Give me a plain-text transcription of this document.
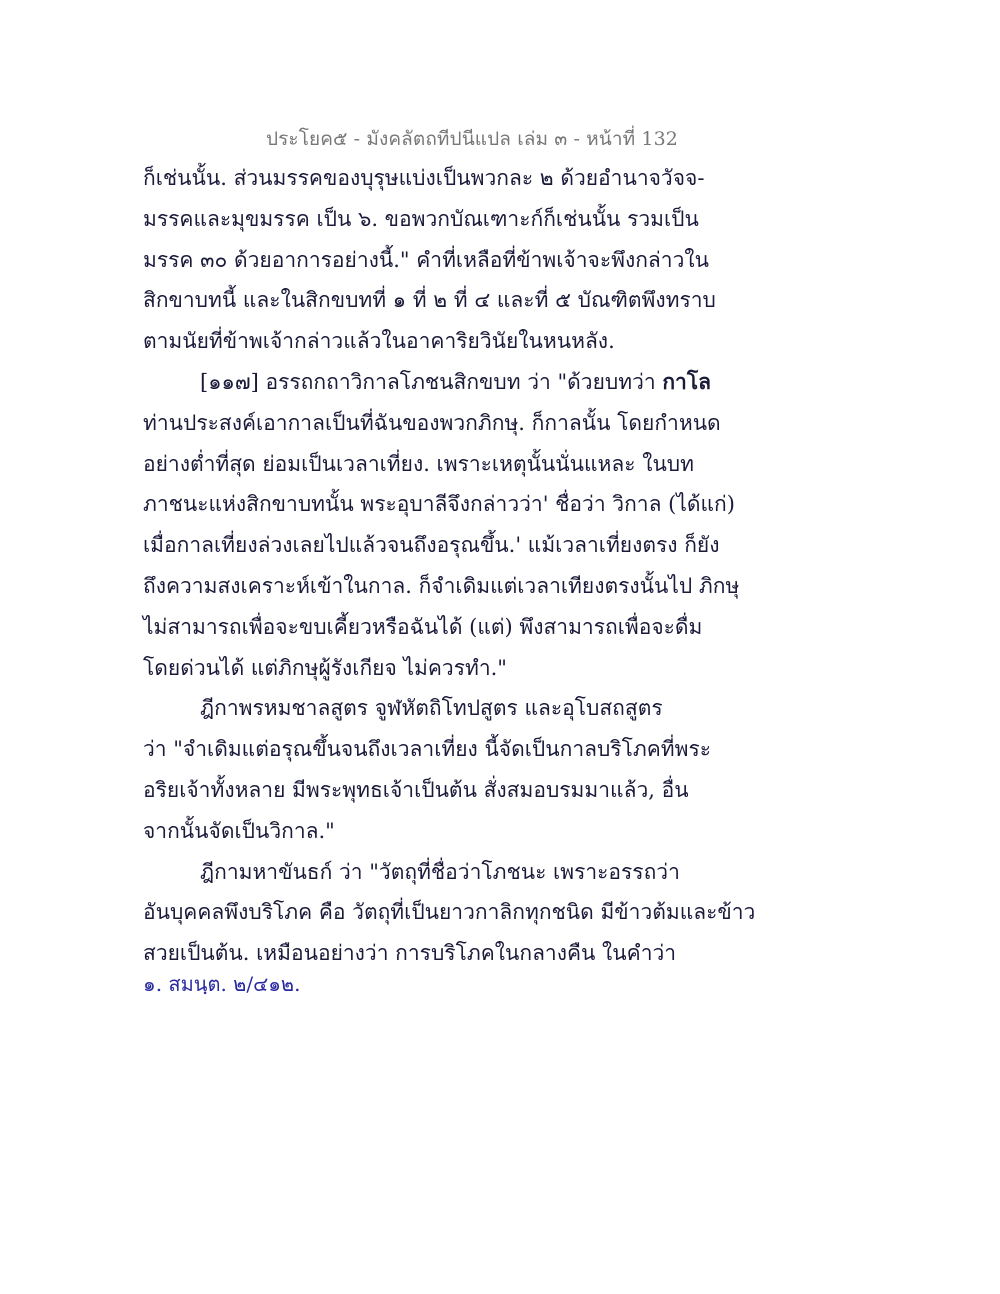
ประโยค๕ - มังคลัตถทีปนีแปล เล่ม ๓ - หน้าที่ 132
ก็เช่นนั้น. ส่วนมรรคของบุรุษแบ่งเป็นพวกละ ๒ ด้วยอำนาจวัจจ-
มรรคและมุขมรรค เป็น ๖. ขอพวกบัณเฑาะก์ก็เช่นนั้น รวมเป็น
มรรค ๓๐ ด้วยอาการอย่างนี้." คำที่เหลือที่ข้าพเจ้าจะพึงกล่าวใน
สิกขาบทนี้ และในสิกขบทที่ ๑ ที่ ๒ ที่ ๔ และที่ ๕ บัณฑิตพึงทราบ
ตามนัยที่ข้าพเจ้ากล่าวแล้วในอาคาริยวินัยในหนหลัง.
[๑๑๗] อรรถกถาวิกาลโภชนสิกขบท ว่า "ด้วยบทว่า กาโล
ท่านประสงค์เอากาลเป็นที่ฉันของพวกภิกษุ. ก็กาลนั้น โดยกำหนด
อย่างต่ำที่สุด ย่อมเป็นเวลาเที่ยง. เพราะเหตุนั้นนั่นแหละ ในบท
ภาชนะแห่งสิกขาบทนั้น พระอุบาลีจึงกล่าวว่า' ชื่อว่า วิกาล (ได้แก่)
เมื่อกาลเที่ยงล่วงเลยไปแล้วจนถึงอรุณขึ้น.' แม้เวลาเที่ยงตรง ก็ยัง
ถึงความสงเคราะห์เข้าในกาล. ก็จำเดิมแต่เวลาเทียงตรงนั้นไป ภิกษุ
ไม่สามารถเพื่อจะขบเคี้ยวหรือฉันได้ (แต่) พึงสามารถเพื่อจะดื่ม
โดยด่วนได้ แต่ภิกษุผู้รังเกียจ ไม่ควรทำ."
ฎีกาพรหมชาลสูตร จูฬหัตถิโทปสูตร และอุโบสถสูตร
ว่า "จำเดิมแต่อรุณขึ้นจนถึงเวลาเที่ยง นี้จัดเป็นกาลบริโภคที่พระ
อริยเจ้าทั้งหลาย มีพระพุทธเจ้าเป็นต้น สั่งสมอบรมมาแล้ว, อื่น
จากนั้นจัดเป็นวิกาล."
ฎีกามหาขันธก์ ว่า "วัตถุที่ชื่อว่าโภชนะ เพราะอรรถว่า
อันบุคคลพึงบริโภค คือ วัตถุที่เป็นยาวกาลิกทุกชนิด มีข้าวต้มและข้าว
สวยเป็นต้น. เหมือนอย่างว่า การบริโภคในกลางคืน ในคำว่า
๑. สมนฺต. ๒/๔๑๒.
